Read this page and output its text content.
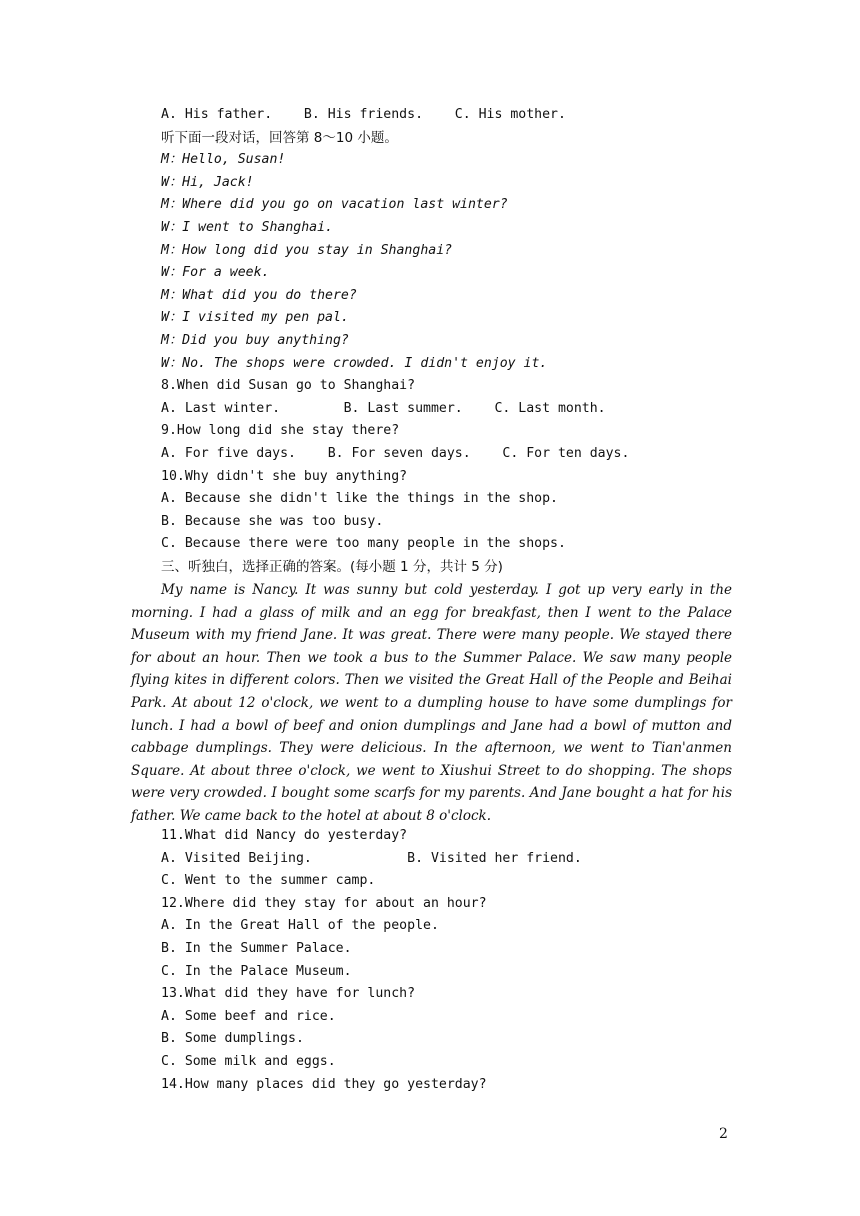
A. His father.    B. His friends.    C. His mother.
听下面一段对话，回答第 8～10 小题。
M：Hello, Susan!
W：Hi, Jack!
M：Where did you go on vacation last winter?
W：I went to Shanghai.
M：How long did you stay in Shanghai?
W：For a week.
M：What did you do there?
W：I visited my pen pal.
M：Did you buy anything?
W：No. The shops were crowded. I didn't enjoy it.
8.When did Susan go to Shanghai?
A. Last winter.        B. Last summer.    C. Last month.
9.How long did she stay there?
A. For five days.    B. For seven days.    C. For ten days.
10.Why didn't she buy anything?
A. Because she didn't like the things in the shop.
B. Because she was too busy.
C. Because there were too many people in the shops.
三、听独白，选择正确的答案。(每小题 1 分，共计 5 分)

My name is Nancy. It was sunny but cold yesterday. I got up very early in the morning. I had a glass of milk and an egg for breakfast, then I went to the Palace Museum with my friend Jane. It was great. There were many people. We stayed there for about an hour. Then we took a bus to the Summer Palace. We saw many people flying kites in different colors. Then we visited the Great Hall of the People and Beihai Park. At about 12 o'clock, we went to a dumpling house to have some dumplings for lunch. I had a bowl of beef and onion dumplings and Jane had a bowl of mutton and cabbage dumplings. They were delicious. In the afternoon, we went to Tian'anmen Square. At about three o'clock, we went to Xiushui Street to do shopping. The shops were very crowded. I bought some scarfs for my parents. And Jane bought a hat for his father. We came back to the hotel at about 8 o'clock.

11.What did Nancy do yesterday?
A. Visited Beijing.            B. Visited her friend.
C. Went to the summer camp.
12.Where did they stay for about an hour?
A. In the Great Hall of the people.
B. In the Summer Palace.
C. In the Palace Museum.
13.What did they have for lunch?
A. Some beef and rice.
B. Some dumplings.
C. Some milk and eggs.
14.How many places did they go yesterday?
2
